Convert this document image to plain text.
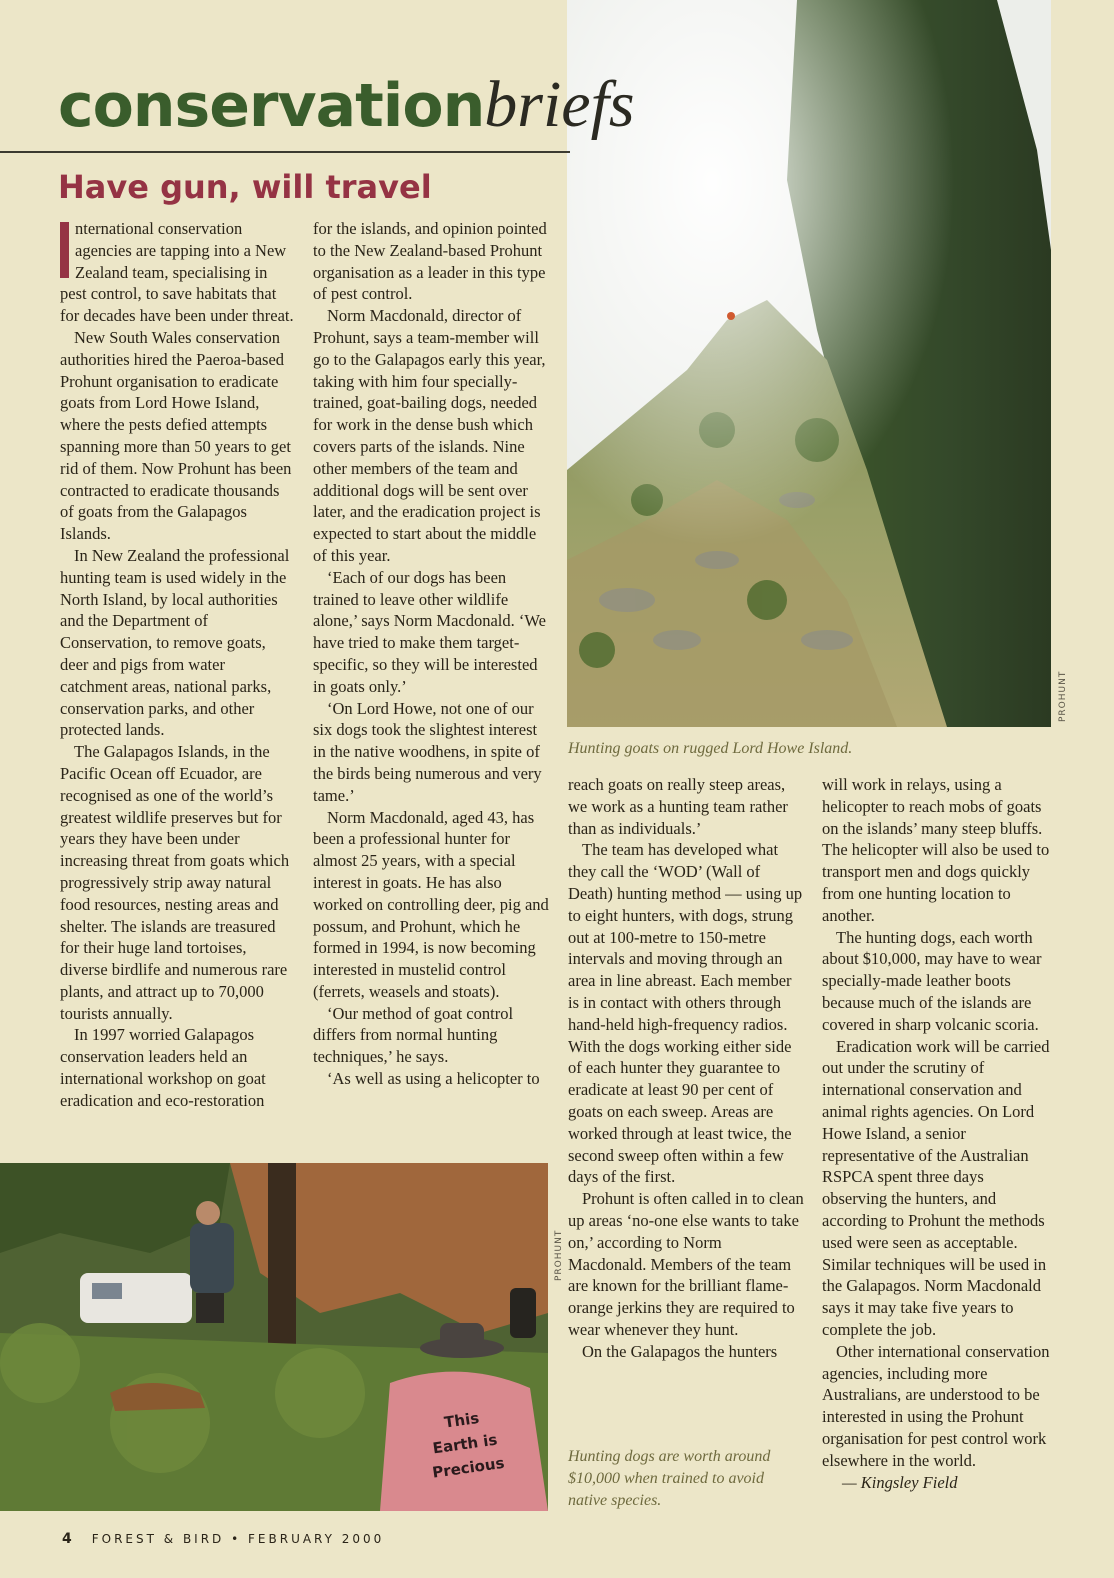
PROHUNT
Hunting goats on rugged Lord Howe Island.
conservationbriefs
Have gun, will travel

nternational conservation agencies are tapping into a New Zealand team, specialising in pest control, to save habitats that for decades have been under threat.

New South Wales conservation authorities hired the Paeroa-based Prohunt organisation to eradicate goats from Lord Howe Island, where the pests defied attempts spanning more than 50 years to get rid of them. Now Prohunt has been contracted to eradicate thousands of goats from the Galapagos Islands.

In New Zealand the professional hunting team is used widely in the North Island, by local authorities and the Department of Conservation, to remove goats, deer and pigs from water catchment areas, national parks, conservation parks, and other protected lands.

The Galapagos Islands, in the Pacific Ocean off Ecuador, are recognised as one of the world’s greatest wildlife preserves but for years they have been under increasing threat from goats which progressively strip away natural food resources, nesting areas and shelter. The islands are treasured for their huge land tortoises, diverse birdlife and numerous rare plants, and attract up to 70,000 tourists annually.

In 1997 worried Galapagos conservation leaders held an international workshop on goat eradication and eco-restoration

for the islands, and opinion pointed to the New Zealand-based Prohunt organisation as a leader in this type of pest control.

Norm Macdonald, director of Prohunt, says a team-member will go to the Galapagos early this year, taking with him four specially-trained, goat-bailing dogs, needed for work in the dense bush which covers parts of the islands. Nine other members of the team and additional dogs will be sent over later, and the eradication project is expected to start about the middle of this year.

‘Each of our dogs has been trained to leave other wildlife alone,’ says Norm Macdonald. ‘We have tried to make them target-specific, so they will be interested in goats only.’

‘On Lord Howe, not one of our six dogs took the slightest interest in the native woodhens, in spite of the birds being numerous and very tame.’

Norm Macdonald, aged 43, has been a professional hunter for almost 25 years, with a special interest in goats. He has also worked on controlling deer, pig and possum, and Prohunt, which he formed in 1994, is now becoming interested in mustelid control (ferrets, weasels and stoats).

‘Our method of goat control differs from normal hunting techniques,’ he says.

‘As well as using a helicopter to

This
Earth is
Precious
PROHUNT

reach goats on really steep areas, we work as a hunting team rather than as individuals.’

The team has developed what they call the ‘WOD’ (Wall of Death) hunting method — using up to eight hunters, with dogs, strung out at 100-metre to 150-metre intervals and moving through an area in line abreast. Each member is in contact with others through hand-held high-frequency radios. With the dogs working either side of each hunter they guarantee to eradicate at least 90 per cent of goats on each sweep. Areas are worked through at least twice, the second sweep often within a few days of the first.

Prohunt is often called in to clean up areas ‘no-one else wants to take on,’ according to Norm Macdonald. Members of the team are known for the brilliant flame-orange jerkins they are required to wear whenever they hunt.

On the Galapagos the hunters

Hunting dogs are worth around $10,000 when trained to avoid native species.

will work in relays, using a helicopter to reach mobs of goats on the islands’ many steep bluffs. The helicopter will also be used to transport men and dogs quickly from one hunting location to another.

The hunting dogs, each worth about $10,000, may have to wear specially-made leather boots because much of the islands are covered in sharp volcanic scoria.

Eradication work will be carried out under the scrutiny of international conservation and animal rights agencies. On Lord Howe Island, a senior representative of the Australian RSPCA spent three days observing the hunters, and according to Prohunt the methods used were seen as acceptable. Similar techniques will be used in the Galapagos. Norm Macdonald says it may take five years to complete the job.

Other international conservation agencies, including more Australians, are understood to be interested in using the Prohunt organisation for pest control work elsewhere in the world.

— Kingsley Field

4 FOREST & BIRD • FEBRUARY 2000
